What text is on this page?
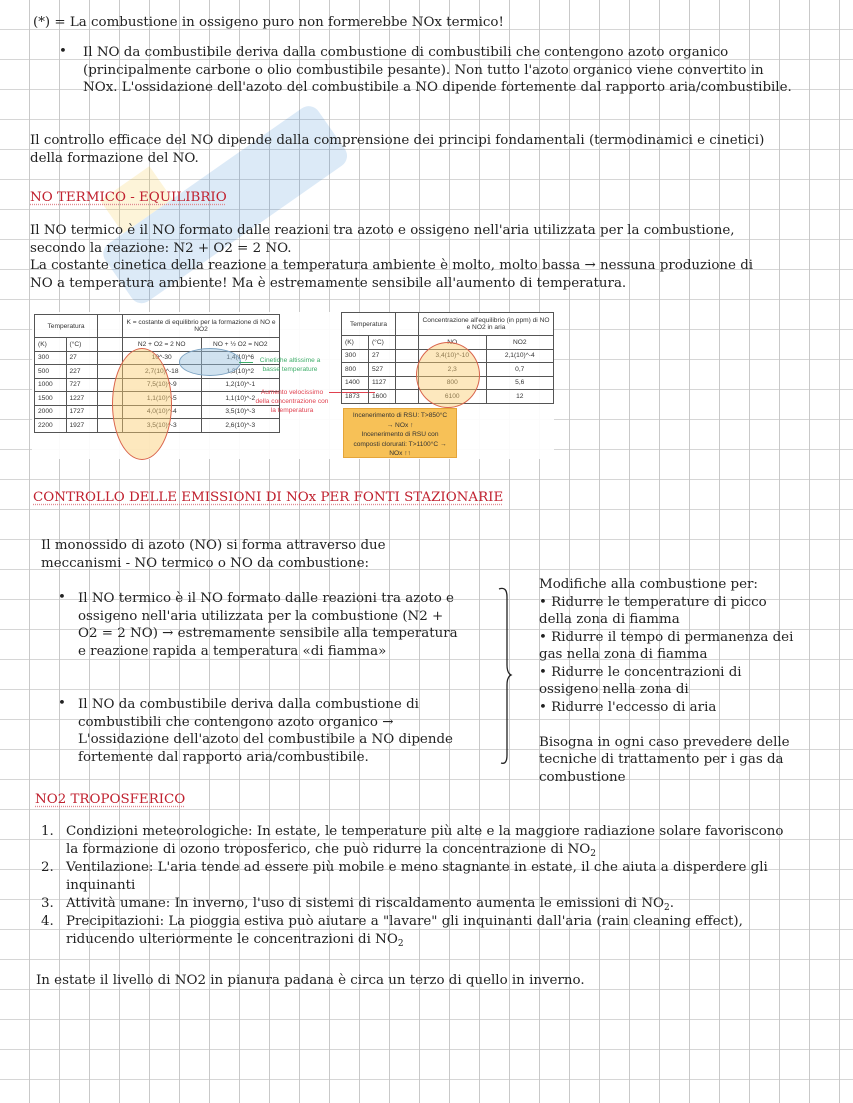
(*) = La combustione in ossigeno puro non formerebbe NOx termico!
• Il NO da combustibile deriva dalla combustione di combustibili che contengono azoto organico
(principalmente carbone o olio combustibile pesante). Non tutto l'azoto organico viene convertito in
NOx. L'ossidazione dell'azoto del combustibile a NO dipende fortemente dal rapporto aria/combustibile.
Il controllo efficace del NO dipende dalla comprensione dei principi fondamentali (termodinamici e cinetici)
della formazione del NO.
NO TERMICO - EQUILIBRIO
Il NO termico è il NO formato dalle reazioni tra azoto e ossigeno nell'aria utilizzata per la combustione,
secondo la reazione: N2 + O2 = 2 NO.
La costante cinetica della reazione a temperatura ambiente è molto, molto bassa → nessuna produzione di
NO a temperatura ambiente! Ma è estremamente sensibile all'aumento di temperatura.
Temperatura			K = costante di equilibrio per la formazione di NO e NO2	
(K)	(°C)		N2 + O2 = 2 NO	NO + ½ O2 = NO2
300	27		10^-30	1,4(10)^6
500	227		2,7(10)^-18	1,3(10)^2
1000	727		7,5(10)^-9	1,2(10)^-1
1500	1227		1,1(10)^-5	1,1(10)^-2
2000	1727		4,0(10)^-4	3,5(10)^-3
2200	1927		3,5(10)^-3	2,6(10)^-3
Cinetiche altissime a basse temperature
Aumento velocissimo della concentrazione con la temperatura
Temperatura			Concentrazione all'equilibrio (in ppm) di NO e NO2 in aria	
(K)	(°C)		NO	NO2
300	27		3,4(10)^-10	2,1(10)^-4
800	527		2,3	0,7
1400	1127		800	5,6
1873	1600		6100	12
Incenerimento di RSU: T>850°C
→ NOx ↑
Incenerimento di RSU con
composti clorurati: T>1100°C →
NOx ↑↑
CONTROLLO DELLE EMISSIONI DI NOx PER FONTI STAZIONARIE
Il monossido di azoto (NO) si forma attraverso due
meccanismi - NO termico o NO da combustione:
• Il NO termico è il NO formato dalle reazioni tra azoto e
ossigeno nell'aria utilizzata per la combustione (N2 +
O2 = 2 NO) → estremamente sensibile alla temperatura
e reazione rapida a temperatura «di fiamma»
• Il NO da combustibile deriva dalla combustione di
combustibili che contengono azoto organico →
L'ossidazione dell'azoto del combustibile a NO dipende
fortemente dal rapporto aria/combustibile.
Modifiche alla combustione per:
• Ridurre le temperature di picco
della zona di fiamma
• Ridurre il tempo di permanenza dei
gas nella zona di fiamma
• Ridurre le concentrazioni di
ossigeno nella zona di
• Ridurre l'eccesso di aria
Bisogna in ogni caso prevedere delle
tecniche di trattamento per i gas da
combustione
NO2 TROPOSFERICO
1. Condizioni meteorologiche: In estate, le temperature più alte e la maggiore radiazione solare favoriscono
la formazione di ozono troposferico, che può ridurre la concentrazione di $NO_2$
2. Ventilazione: L'aria tende ad essere più mobile e meno stagnante in estate, il che aiuta a disperdere gli
inquinanti
3. Attività umane: In inverno, l'uso di sistemi di riscaldamento aumenta le emissioni di $NO_2$.
4. Precipitazioni: La pioggia estiva può aiutare a "lavare" gli inquinanti dall'aria (rain cleaning effect),
riducendo ulteriormente le concentrazioni di $NO_2$
In estate il livello di NO2 in pianura padana è circa un terzo di quello in inverno.
